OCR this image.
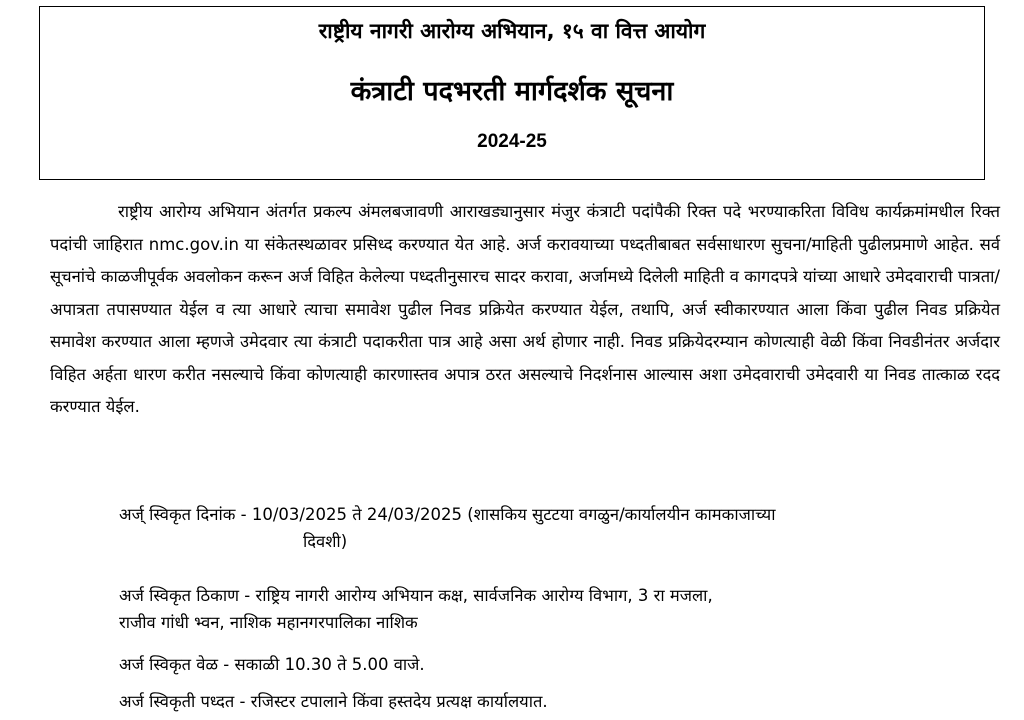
राष्ट्रीय नागरी आरोग्य अभियान, १५ वा वित्त आयोग
कंत्राटी पदभरती मार्गदर्शक सूचना
2024-25

राष्ट्रीय आरोग्य अभियान अंतर्गत प्रकल्प अंमलबजावणी आराखड्यानुसार मंजुर कंत्राटी पदांपैकी रिक्त पदे भरण्याकरिता विविध कार्यक्रमांमधील रिक्त पदांची जाहिरात nmc.gov.in या संकेतस्थळावर प्रसिध्द करण्यात येत आहे. अर्ज करावयाच्या पध्दतीबाबत सर्वसाधारण सुचना/माहिती पुढीलप्रमाणे आहेत. सर्व सूचनांचे काळजीपूर्वक अवलोकन करून अर्ज विहित केलेल्या पध्दतीनुसारच सादर करावा, अर्जामध्ये दिलेली माहिती व कागदपत्रे यांच्या आधारे उमेदवाराची पात्रता/अपात्रता तपासण्यात येईल व त्या आधारे त्याचा समावेश पुढील निवड प्रक्रियेत करण्यात येईल, तथापि, अर्ज स्वीकारण्यात आला किंवा पुढील निवड प्रक्रियेत समावेश करण्यात आला म्हणजे उमेदवार त्या कंत्राटी पदाकरीता पात्र आहे असा अर्थ होणार नाही. निवड प्रक्रियेदरम्यान कोणत्याही वेळी किंवा निवडीनंतर अर्जदार विहित अर्हता धारण करीत नसल्याचे किंवा कोणत्याही कारणास्तव अपात्र ठरत असल्याचे निदर्शनास आल्यास अशा उमेदवाराची उमेदवारी या निवड तात्काळ रदद करण्यात येईल.

अर्ज् स्विकृत दिनांक - 10/03/2025 ते 24/03/2025 (शासकिय सुटटया वगळुन/कार्यालयीन कामकाजाच्या
दिवशी)

अर्ज स्विकृत ठिकाण - राष्ट्रिय नागरी आरोग्य अभियान कक्ष, सार्वजनिक आरोग्य विभाग, 3 रा मजला,
राजीव गांधी भ्वन, नाशिक महानगरपालिका नाशिक

अर्ज स्विकृत वेळ - सकाळी 10.30 ते 5.00 वाजे.

अर्ज स्विकृती पध्दत - रजिस्टर टपालाने किंवा हस्तदेय प्रत्यक्ष कार्यालयात.
